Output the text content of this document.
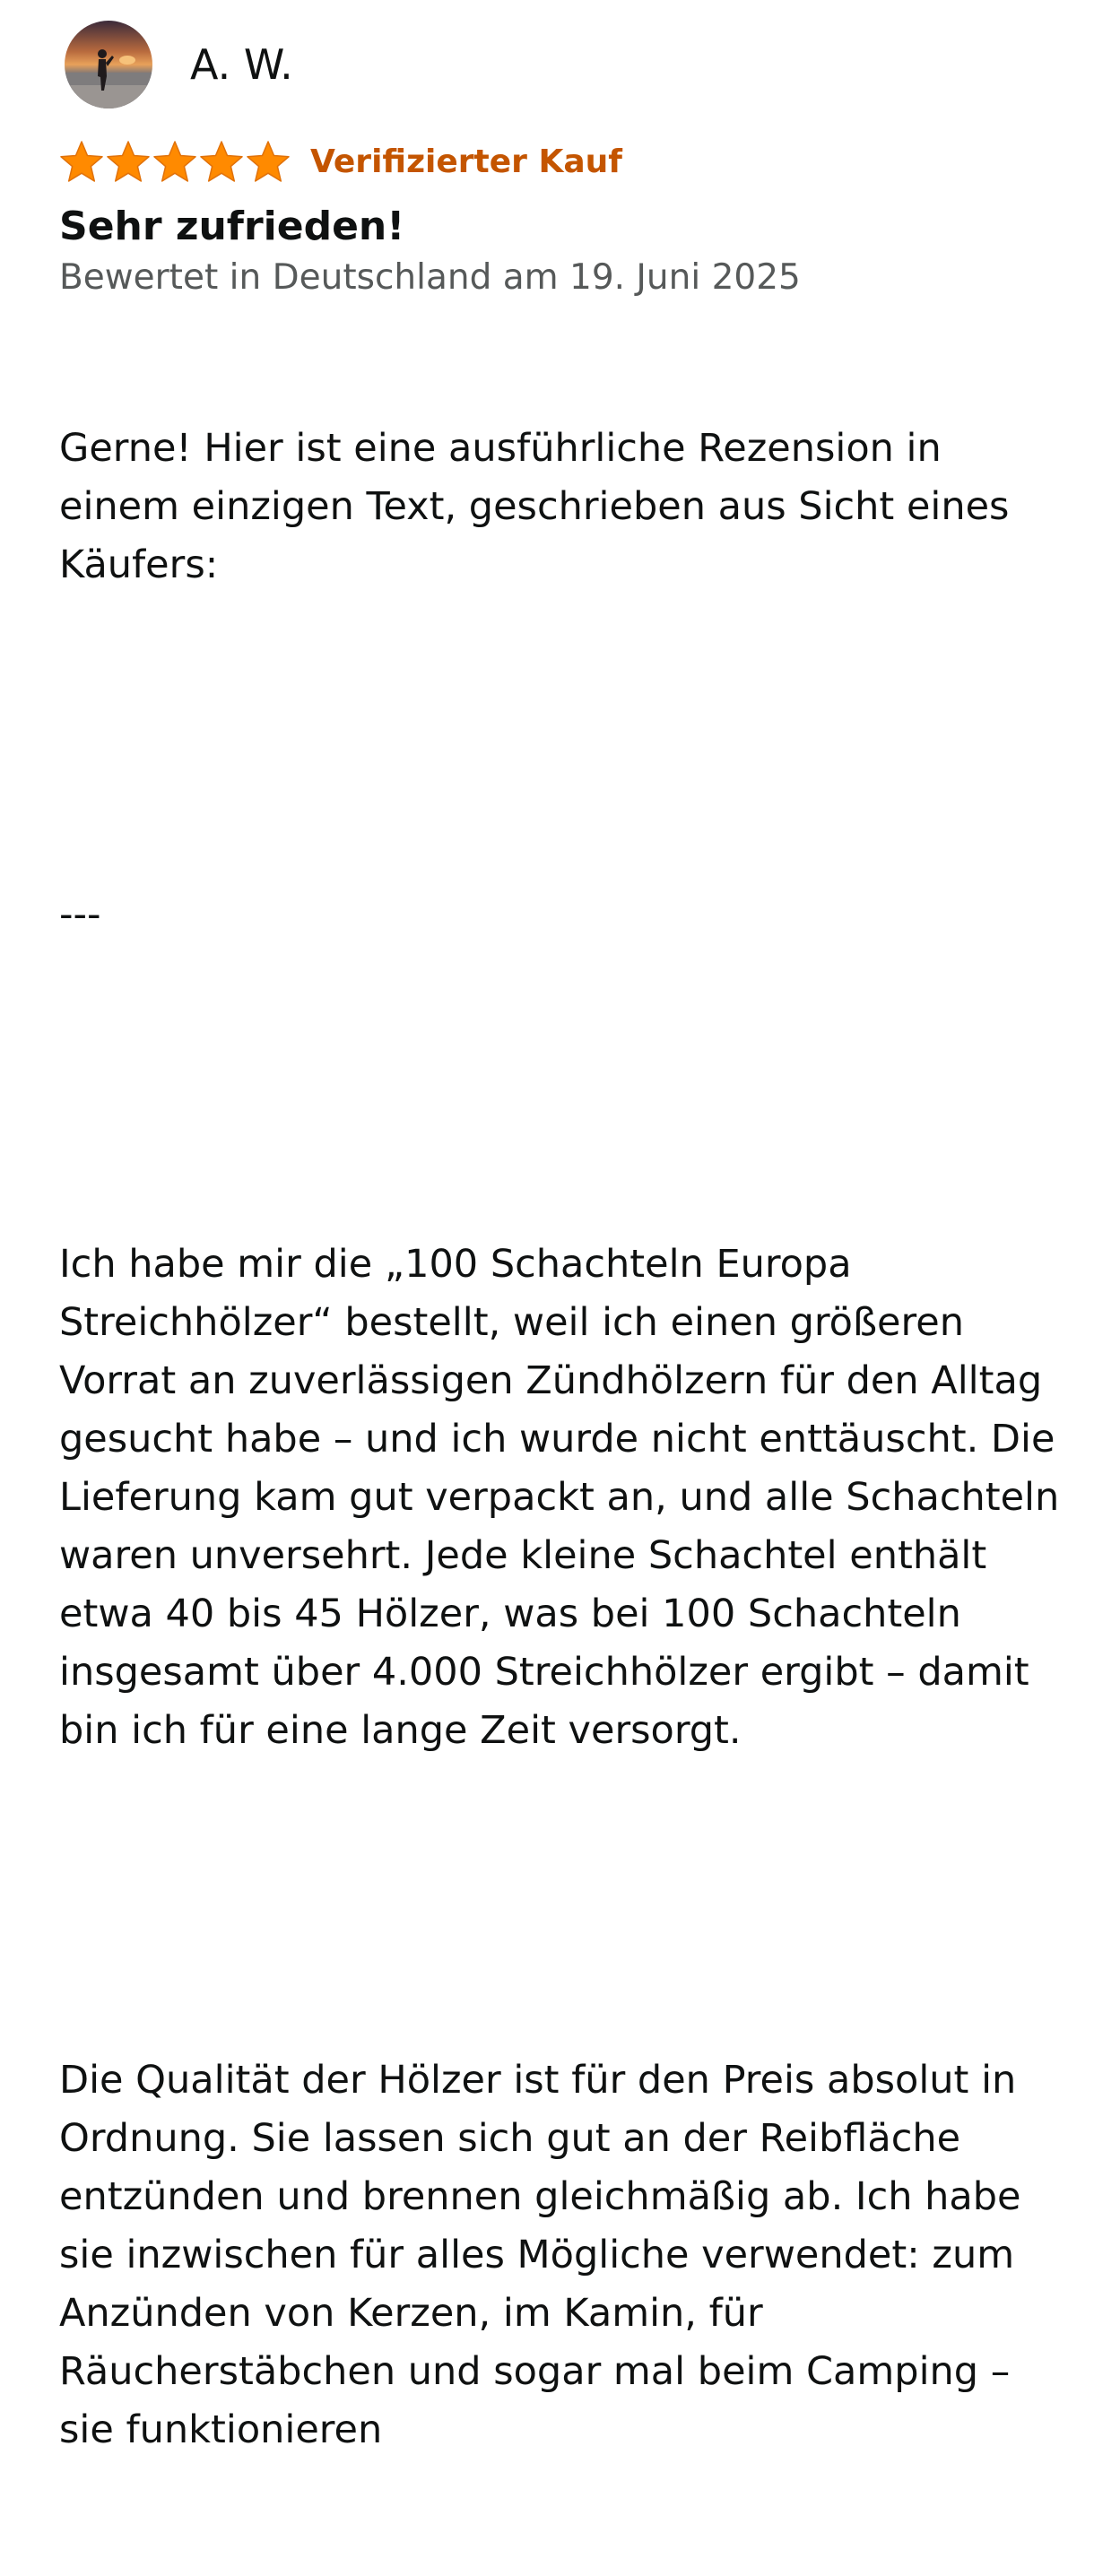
A. W.
Verifizierter Kauf
Sehr zufrieden!
Bewertet in Deutschland am 19. Juni 2025

Gerne! Hier ist eine ausführliche Rezension in einem einzigen Text, geschrieben aus Sicht eines Käufers:

---

Ich habe mir die „100 Schachteln Europa Streichhölzer“ bestellt, weil ich einen größeren Vorrat an zuverlässigen Zündhölzern für den Alltag gesucht habe – und ich wurde nicht enttäuscht. Die Lieferung kam gut verpackt an, und alle Schachteln waren unversehrt. Jede kleine Schachtel enthält etwa 40 bis 45 Hölzer, was bei 100 Schachteln insgesamt über 4.000 Streichhölzer ergibt – damit bin ich für eine lange Zeit versorgt.

Die Qualität der Hölzer ist für den Preis absolut in Ordnung. Sie lassen sich gut an der Reibfläche entzünden und brennen gleichmäßig ab. Ich habe sie inzwischen für alles Mögliche verwendet: zum Anzünden von Kerzen, im Kamin, für Räucherstäbchen und sogar mal beim Camping – sie funktionieren
